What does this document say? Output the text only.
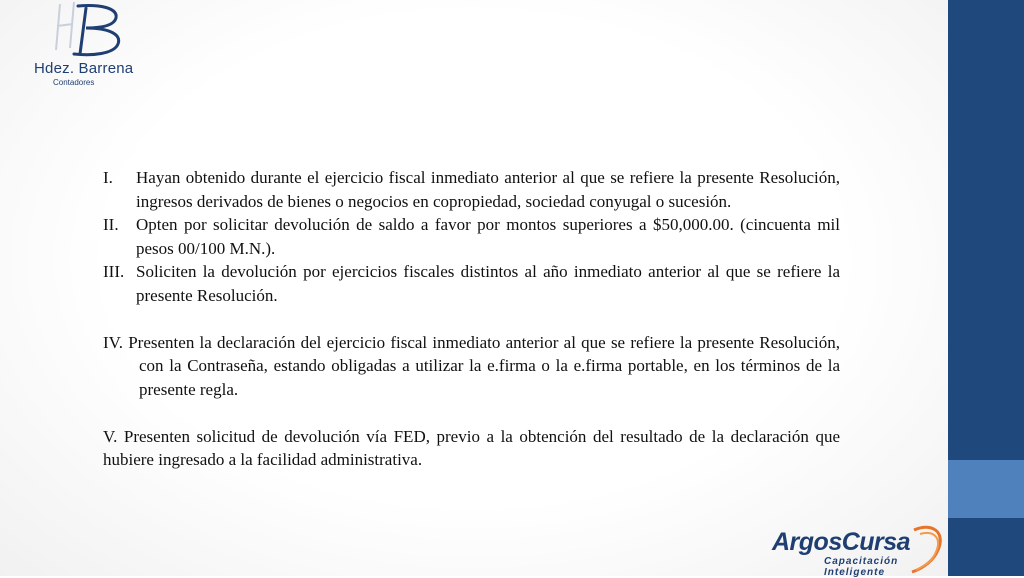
Hdez. Barrena
Contadores
I.	Hayan obtenido durante el ejercicio fiscal inmediato anterior al que se refiere la presente Resolución, ingresos derivados de bienes o negocios en copropiedad, sociedad conyugal o sucesión.
II.	Opten por solicitar devolución de saldo a favor por montos superiores a $50,000.00. (cincuenta mil pesos 00/100 M.N.).
III. Soliciten la devolución por ejercicios fiscales distintos al año inmediato anterior al que se refiere la presente Resolución.
IV. Presenten la declaración del ejercicio fiscal inmediato anterior al que se refiere la presente Resolución, con la Contraseña, estando obligadas a utilizar la e.firma o la e.firma portable, en los términos de la presente regla.
V. Presenten solicitud de devolución vía FED, previo a la obtención del resultado de la declaración que hubiere ingresado a la facilidad administrativa.
ArgosCursa
Capacitación
Inteligente
